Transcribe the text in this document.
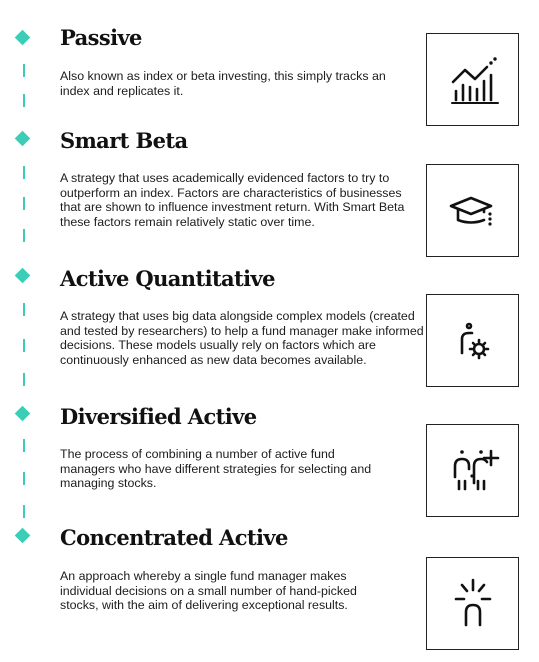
Passive

Also known as index or beta investing, this simply tracks an index and replicates it.

Smart Beta

A strategy that uses academically evidenced factors to try to outperform an index. Factors are characteristics of businesses that are shown to influence investment return. With Smart Beta these factors remain relatively static over time.

Active Quantitative

A strategy that uses big data alongside complex models (created and tested by researchers) to help a fund manager make informed decisions. These models usually rely on factors which are continuously enhanced as new data becomes available.

Diversified Active

The process of combining a number of active fund managers who have different strategies for selecting and managing stocks.

Concentrated Active

An approach whereby a single fund manager makes individual decisions on a small number of hand-picked stocks, with the aim of delivering exceptional results.
